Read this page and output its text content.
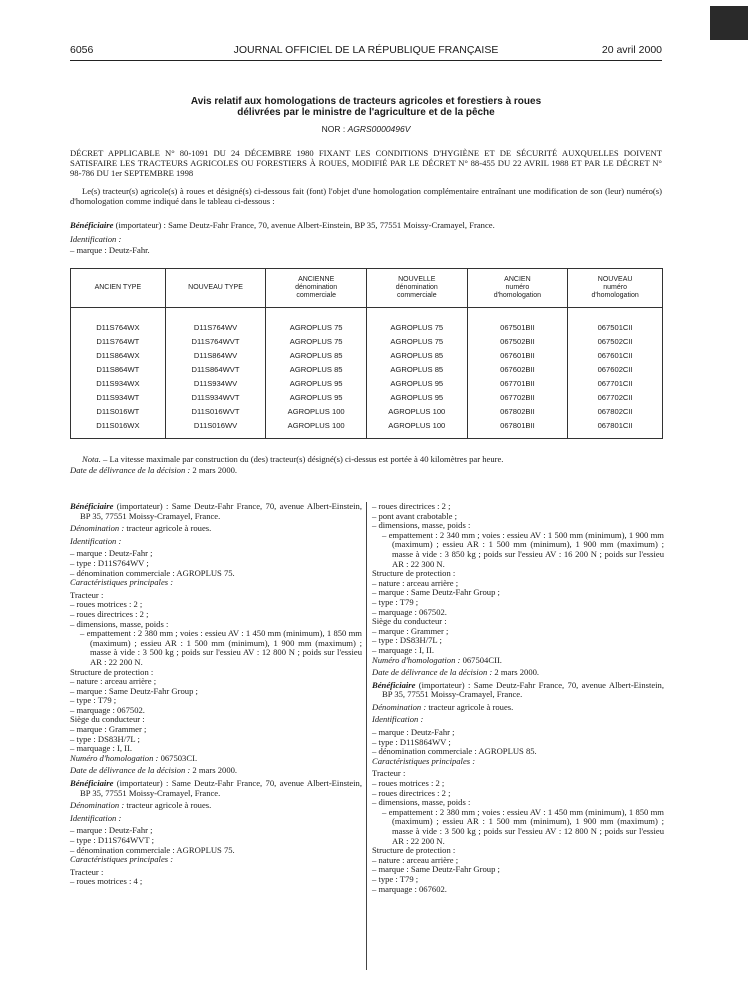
6056	JOURNAL OFFICIEL DE LA RÉPUBLIQUE FRANÇAISE	20 avril 2000
Avis relatif aux homologations de tracteurs agricoles et forestiers à roues
délivrées par le ministre de l'agriculture et de la pêche
NOR : AGRS0000496V
DÉCRET APPLICABLE N° 80-1091 DU 24 DÉCEMBRE 1980 FIXANT LES CONDITIONS D'HYGIÈNE ET DE SÉCURITÉ AUXQUELLES DOIVENT SATISFAIRE LES TRACTEURS AGRICOLES OU FORESTIERS À ROUES, MODIFIÉ PAR LE DÉCRET N° 88-455 DU 22 AVRIL 1988 ET PAR LE DÉCRET N° 98-786 DU 1er SEPTEMBRE 1998
Le(s) tracteur(s) agricole(s) à roues et désigné(s) ci-dessous fait (font) l'objet d'une homologation complémentaire entraînant une modification de son (leur) numéro(s) d'homologation comme indiqué dans le tableau ci-dessous :
Bénéficiaire (importateur) : Same Deutz-Fahr France, 70, avenue Albert-Einstein, BP 35, 77551 Moissy-Cramayel, France.
Identification :
– marque : Deutz-Fahr.
ANCIEN TYPE	NOUVEAU TYPE	ANCIENNE
dénomination
commerciale	NOUVELLE
dénomination
commerciale	ANCIEN
numéro
d'homologation	NOUVEAU
numéro
d'homologation

D11S764WX	D11S764WV	AGROPLUS 75	AGROPLUS 75	067501BII	067501CII
D11S764WT	D11S764WVT	AGROPLUS 75	AGROPLUS 75	067502BII	067502CII
D11S864WX	D11S864WV	AGROPLUS 85	AGROPLUS 85	067601BII	067601CII
D11S864WT	D11S864WVT	AGROPLUS 85	AGROPLUS 85	067602BII	067602CII
D11S934WX	D11S934WV	AGROPLUS 95	AGROPLUS 95	067701BII	067701CII
D11S934WT	D11S934WVT	AGROPLUS 95	AGROPLUS 95	067702BII	067702CII
D11S016WT	D11S016WVT	AGROPLUS 100	AGROPLUS 100	067802BII	067802CII
D11S016WX	D11S016WV	AGROPLUS 100	AGROPLUS 100	067801BII	067801CII
Nota. – La vitesse maximale par construction du (des) tracteur(s) désigné(s) ci-dessus est portée à 40 kilomètres par heure.
Date de délivrance de la décision : 2 mars 2000.

Bénéficiaire (importateur) : Same Deutz-Fahr France, 70, avenue Albert-Einstein, BP 35, 77551 Moissy-Cramayel, France.

Dénomination : tracteur agricole à roues.

Identification :

– marque : Deutz-Fahr ;
– type : D11S764WV ;

– dénomination commerciale : AGROPLUS 75.

Caractéristiques principales :

Tracteur :
– roues motrices : 2 ;
– roues directrices : 2 ;
– dimensions, masse, poids :

– empattement : 2 380 mm ; voies : essieu AV : 1 450 mm (minimum), 1 850 mm (maximum) ; essieu AR : 1 500 mm (minimum), 1 900 mm (maximum) ; masse à vide : 3 500 kg ; poids sur l'essieu AV : 12 800 N ; poids sur l'essieu AR : 22 200 N.

Structure de protection :
– nature : arceau arrière ;
– marque : Same Deutz-Fahr Group ;
– type : T79 ;
– marquage : 067502.
Siège du conducteur :
– marque : Grammer ;
– type : DS83H/7L ;

– marquage : I, II.

Numéro d'homologation : 067503CI.

Date de délivrance de la décision : 2 mars 2000.

Bénéficiaire (importateur) : Same Deutz-Fahr France, 70, avenue Albert-Einstein, BP 35, 77551 Moissy-Cramayel, France.

Dénomination : tracteur agricole à roues.

Identification :

– marque : Deutz-Fahr ;
– type : D11S764WVT ;

– dénomination commerciale : AGROPLUS 75.

Caractéristiques principales :

Tracteur :
– roues motrices : 4 ;
– roues directrices : 2 ;
– pont avant crabotable ;
– dimensions, masse, poids :

– empattement : 2 340 mm ; voies : essieu AV : 1 500 mm (minimum), 1 900 mm (maximum) ; essieu AR : 1 500 mm (minimum), 1 900 mm (maximum) ; masse à vide : 3 850 kg ; poids sur l'essieu AV : 16 200 N ; poids sur l'essieu AR : 22 300 N.

Structure de protection :
– nature : arceau arrière ;
– marque : Same Deutz-Fahr Group ;
– type : T79 ;
– marquage : 067502.
Siège du conducteur :
– marque : Grammer ;
– type : DS83H/7L ;

– marquage : I, II.

Numéro d'homologation : 067504CII.

Date de délivrance de la décision : 2 mars 2000.

Bénéficiaire (importateur) : Same Deutz-Fahr France, 70, avenue Albert-Einstein, BP 35, 77551 Moissy-Cramayel, France.

Dénomination : tracteur agricole à roues.

Identification :

– marque : Deutz-Fahr ;
– type : D11S864WV ;

– dénomination commerciale : AGROPLUS 85.

Caractéristiques principales :

Tracteur :
– roues motrices : 2 ;
– roues directrices : 2 ;
– dimensions, masse, poids :

– empattement : 2 380 mm ; voies : essieu AV : 1 450 mm (minimum), 1 850 mm (maximum) ; essieu AR : 1 500 mm (minimum), 1 900 mm (maximum) ; masse à vide : 3 500 kg ; poids sur l'essieu AV : 12 800 N ; poids sur l'essieu AR : 22 200 N.

Structure de protection :
– nature : arceau arrière ;
– marque : Same Deutz-Fahr Group ;
– type : T79 ;
– marquage : 067602.
